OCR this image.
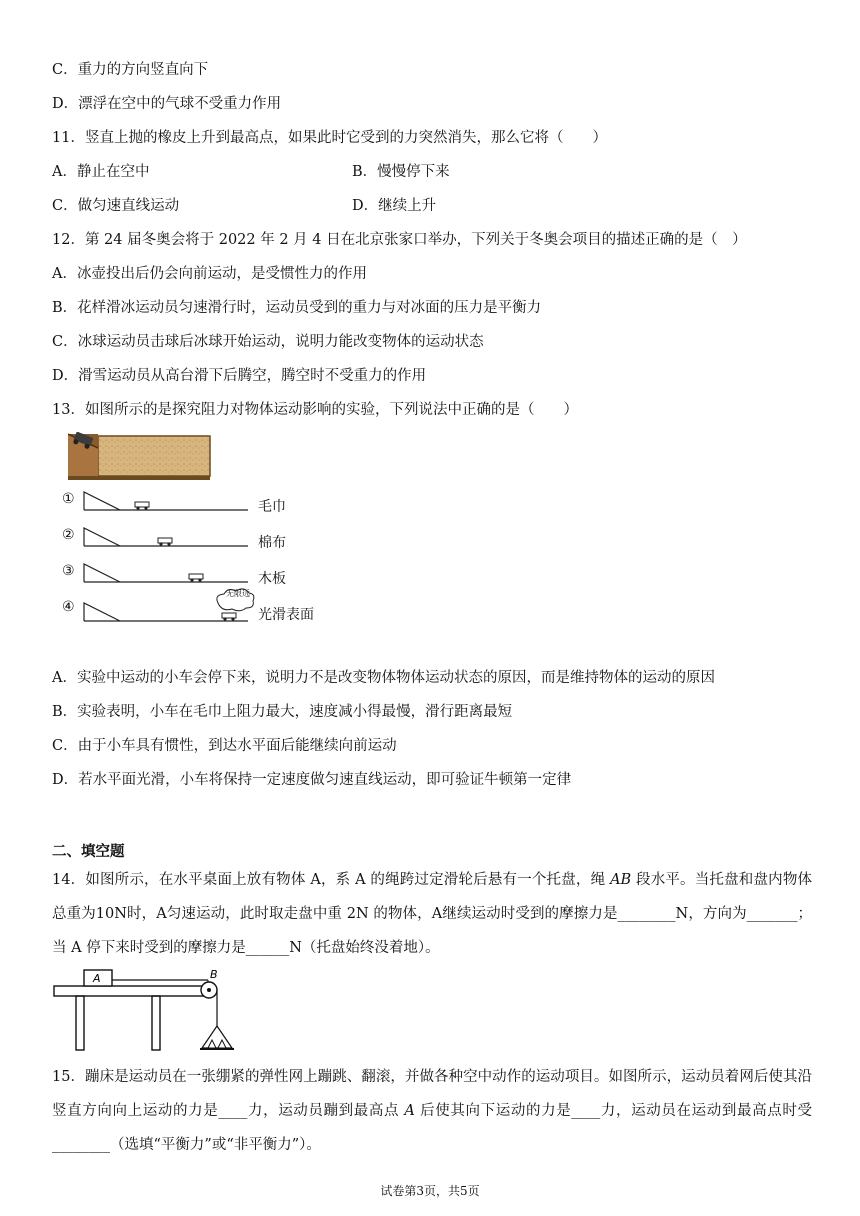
C．重力的方向竖直向下
D．漂浮在空中的气球不受重力作用
11．竖直上抛的橡皮上升到最高点，如果此时它受到的力突然消失，那么它将（　　）
A．静止在空中	B．慢慢停下来
C．做匀速直线运动	D．继续上升
12．第 24 届冬奥会将于 2022 年 2 月 4 日在北京张家口举办，下列关于冬奥会项目的描述正确的是（　）
A．冰壶投出后仍会向前运动，是受惯性力的作用
B．花样滑冰运动员匀速滑行时，运动员受到的重力与对冰面的压力是平衡力
C．冰球运动员击球后冰球开始运动，说明力能改变物体的运动状态
D．滑雪运动员从高台滑下后腾空，腾空时不受重力的作用
13．如图所示的是探究阻力对物体运动影响的实验，下列说法中正确的是（　　）
①	毛巾
②	棉布
③	木板
④
无限远
光滑表面
A．实验中运动的小车会停下来，说明力不是改变物体物体运动状态的原因，而是维持物体的运动的原因
B．实验表明，小车在毛巾上阻力最大，速度减小得最慢，滑行距离最短
C．由于小车具有惯性，到达水平面后能继续向前运动
D．若水平面光滑，小车将保持一定速度做匀速直线运动，即可验证牛顿第一定律
二、填空题
14．如图所示，在水平桌面上放有物体 A，系 A 的绳跨过定滑轮后悬有一个托盘，绳 AB 段水平。当托盘和盘内物体总重为10N时，A匀速运动，此时取走盘中重 2N 的物体，A继续运动时受到的摩擦力是________N，方向为_______；当 A 停下来时受到的摩擦力是______N（托盘始终没着地）。
A	B
15．蹦床是运动员在一张绷紧的弹性网上蹦跳、翻滚，并做各种空中动作的运动项目。如图所示，运动员着网后使其沿竖直方向向上运动的力是____力，运动员蹦到最高点 A 后使其向下运动的力是____力，运动员在运动到最高点时受________（选填“平衡力”或“非平衡力”）。
试卷第3页，共5页
